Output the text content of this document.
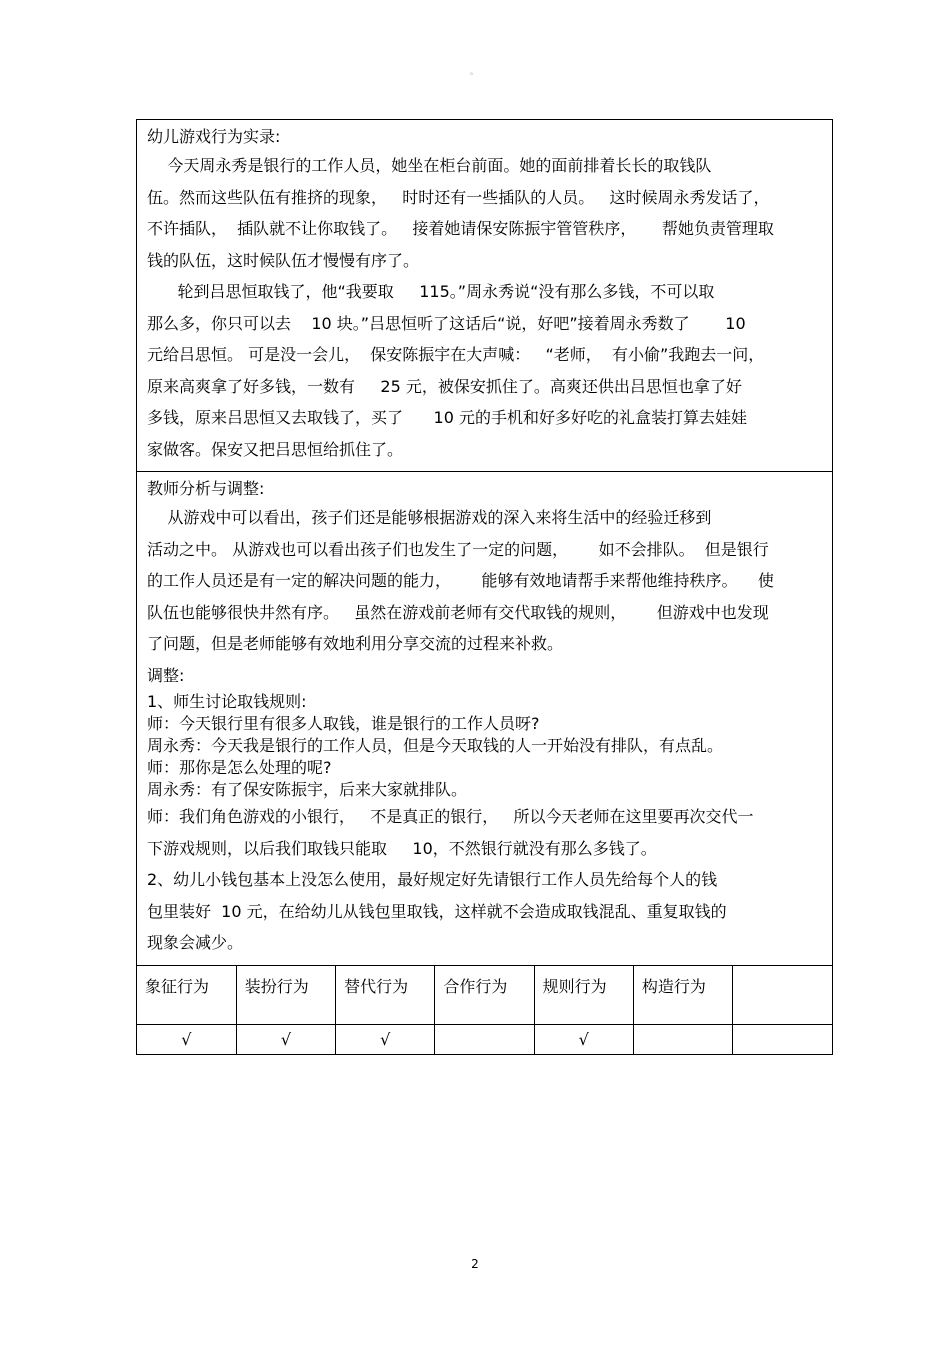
。
幼儿游戏行为实录:
今天周永秀是银行的工作人员，她坐在柜台前面。她的面前排着长长的取钱队
伍。然而这些队伍有推挤的现象，   时时还有一些插队的人员。   这时候周永秀发话了，
不许插队，  插队就不让你取钱了。   接着她请保安陈振宇管管秩序，     帮她负责管理取
钱的队伍，这时候队伍才慢慢有序了。
轮到吕思恒取钱了，他“我要取     115。”周永秀说“没有那么多钱，不可以取
那么多，你只可以去    10 块。”吕思恒听了这话后“说，好吧”接着周永秀数了       10
元给吕思恒。 可是没一会儿，  保安陈振宇在大声喊：   “老师，  有小偷”我跑去一问，
原来高爽拿了好多钱，一数有     25 元，被保安抓住了。高爽还供出吕思恒也拿了好
多钱，原来吕思恒又去取钱了，买了      10 元的手机和好多好吃的礼盒装打算去娃娃
家做客。保安又把吕思恒给抓住了。
教师分析与调整:
从游戏中可以看出，孩子们还是能够根据游戏的深入来将生活中的经验迁移到
活动之中。 从游戏也可以看出孩子们也发生了一定的问题，      如不会排队。  但是银行
的工作人员还是有一定的解决问题的能力，      能够有效地请帮手来帮他维持秩序。    使
队伍也能够很快井然有序。   虽然在游戏前老师有交代取钱的规则，      但游戏中也发现
了问题，但是老师能够有效地利用分享交流的过程来补救。
调整:
1、师生讨论取钱规则:
师：今天银行里有很多人取钱，谁是银行的工作人员呀?
周永秀：今天我是银行的工作人员，但是今天取钱的人一开始没有排队，有点乱。
师：那你是怎么处理的呢?
周永秀：有了保安陈振宇，后来大家就排队。
师：我们角色游戏的小银行，   不是真正的银行，   所以今天老师在这里要再次交代一
下游戏规则，以后我们取钱只能取     10，不然银行就没有那么多钱了。
2、幼儿小钱包基本上没怎么使用，最好规定好先请银行工作人员先给每个人的钱
包里装好  10 元，在给幼儿从钱包里取钱，这样就不会造成取钱混乱、重复取钱的
现象会减少。
象征行为	装扮行为	替代行为	合作行为	规则行为	构造行为	
√	√	√		√		
2
